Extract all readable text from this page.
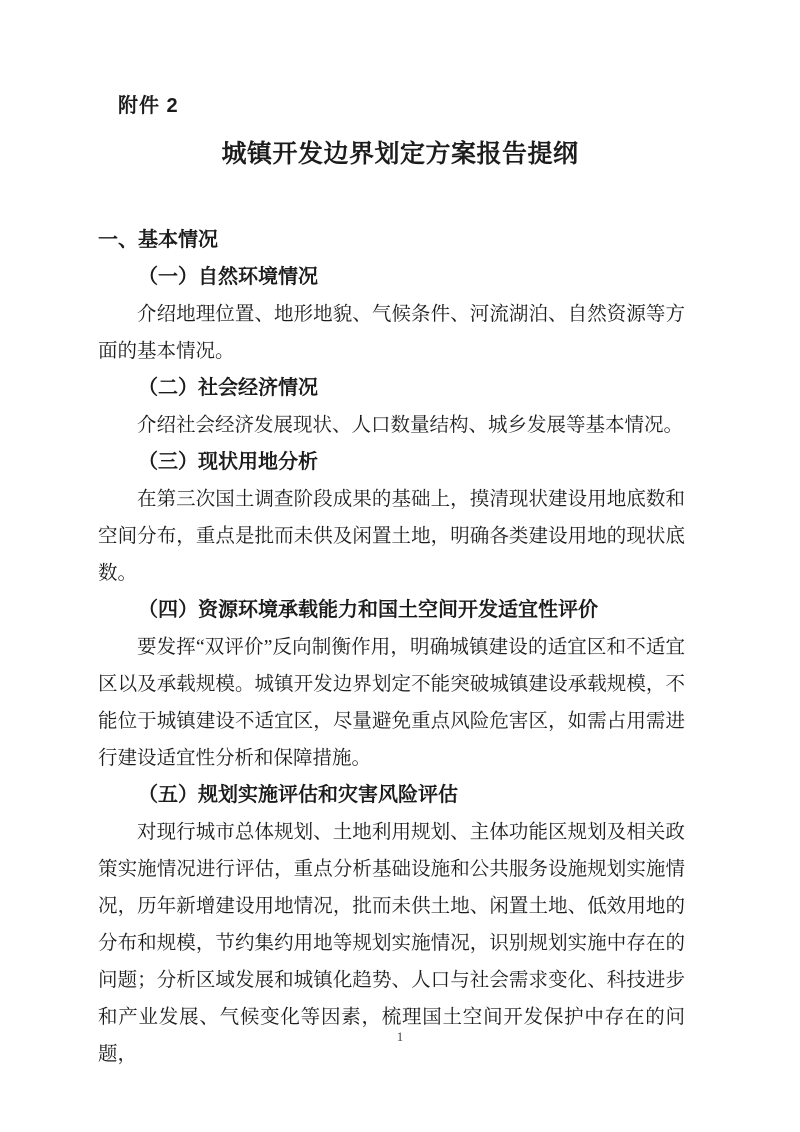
附件 2
城镇开发边界划定方案报告提纲
一、基本情况
（一）自然环境情况
介绍地理位置、地形地貌、气候条件、河流湖泊、自然资源等方面的基本情况。
（二）社会经济情况
介绍社会经济发展现状、人口数量结构、城乡发展等基本情况。
（三）现状用地分析
在第三次国土调查阶段成果的基础上，摸清现状建设用地底数和空间分布，重点是批而未供及闲置土地，明确各类建设用地的现状底数。
（四）资源环境承载能力和国土空间开发适宜性评价
要发挥“双评价”反向制衡作用，明确城镇建设的适宜区和不适宜区以及承载规模。城镇开发边界划定不能突破城镇建设承载规模，不能位于城镇建设不适宜区，尽量避免重点风险危害区，如需占用需进行建设适宜性分析和保障措施。
（五）规划实施评估和灾害风险评估
对现行城市总体规划、土地利用规划、主体功能区规划及相关政策实施情况进行评估，重点分析基础设施和公共服务设施规划实施情况，历年新增建设用地情况，批而未供土地、闲置土地、低效用地的分布和规模，节约集约用地等规划实施情况，识别规划实施中存在的问题；分析区域发展和城镇化趋势、人口与社会需求变化、科技进步和产业发展、气候变化等因素，梳理国土空间开发保护中存在的问题，
1
